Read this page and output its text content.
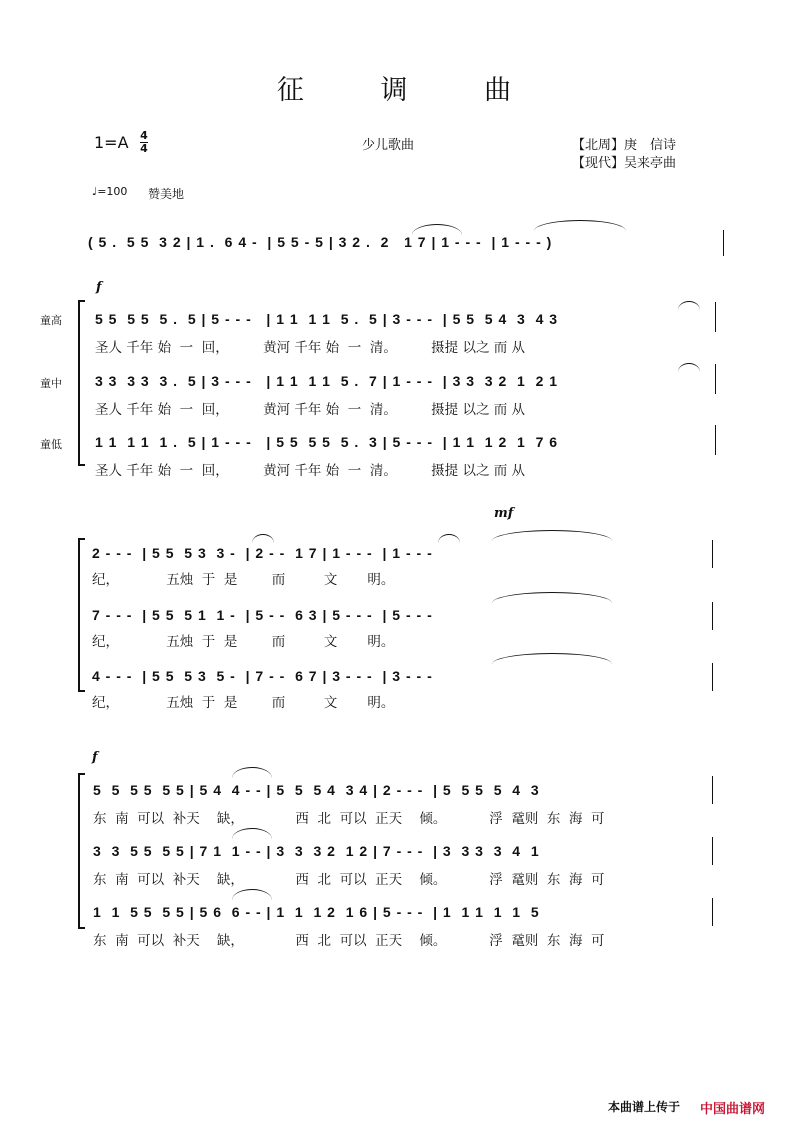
征 调 曲
1=A 4
4	少儿歌曲	【北周】庚　信诗
【现代】吴来亭曲
♩=100 赞美地
( 5 .  5 5  3 2 | 1 .  6 4 -  | 5 5 - 5 | 3 2 .  2   1 7 | 1 - - -  | 1 - - - )
f
童高
童中
童低
5 5  5 5  5 .  5 | 5 - - -   | 1 1  1 1  5 .  5 | 3 - - -  | 5 5  5 4  3  4 3
圣人 千年 始  一  回，        黄河 千年 始  一  清。        摄提 以之 而 从
3 3  3 3  3 .  5 | 3 - - -   | 1 1  1 1  5 .  7 | 1 - - -  | 3 3  3 2  1  2 1
圣人 千年 始  一  回，        黄河 千年 始  一  清。        摄提 以之 而 从
1 1  1 1  1 .  5 | 1 - - -   | 5 5  5 5  5 .  3 | 5 - - -  | 1 1  1 2  1  7 6
圣人 千年 始  一  回，        黄河 千年 始  一  清。        摄提 以之 而 从
mf
2 - - -  | 5 5  5 3  3 -  | 2 - -  1 7 | 1 - - -  | 1 - - -
纪，           五烛  于  是        而         文       明。
7 - - -  | 5 5  5 1  1 -  | 5 - -  6 3 | 5 - - -  | 5 - - -
纪，           五烛  于  是        而         文       明。
4 - - -  | 5 5  5 3  5 -  | 7 - -  6 7 | 3 - - -  | 3 - - -
纪，           五烛  于  是        而         文       明。
f
5  5  5 5  5 5 | 5 4  4 - - | 5  5  5 4  3 4 | 2 - - -  | 5  5 5  5  4  3
东  南  可以  补天    缺，            西  北  可以  正天    倾。          浮  鼋则  东  海  可
3  3  5 5  5 5 | 7 1  1 - - | 3  3  3 2  1 2 | 7 - - -  | 3  3 3  3  4  1
东  南  可以  补天    缺，            西  北  可以  正天    倾。          浮  鼋则  东  海  可
1  1  5 5  5 5 | 5 6  6 - - | 1  1  1 2  1 6 | 5 - - -  | 1  1 1  1  1  5
东  南  可以  补天    缺，            西  北  可以  正天    倾。          浮  鼋则  东  海  可
本曲谱上传于 中国曲谱网
